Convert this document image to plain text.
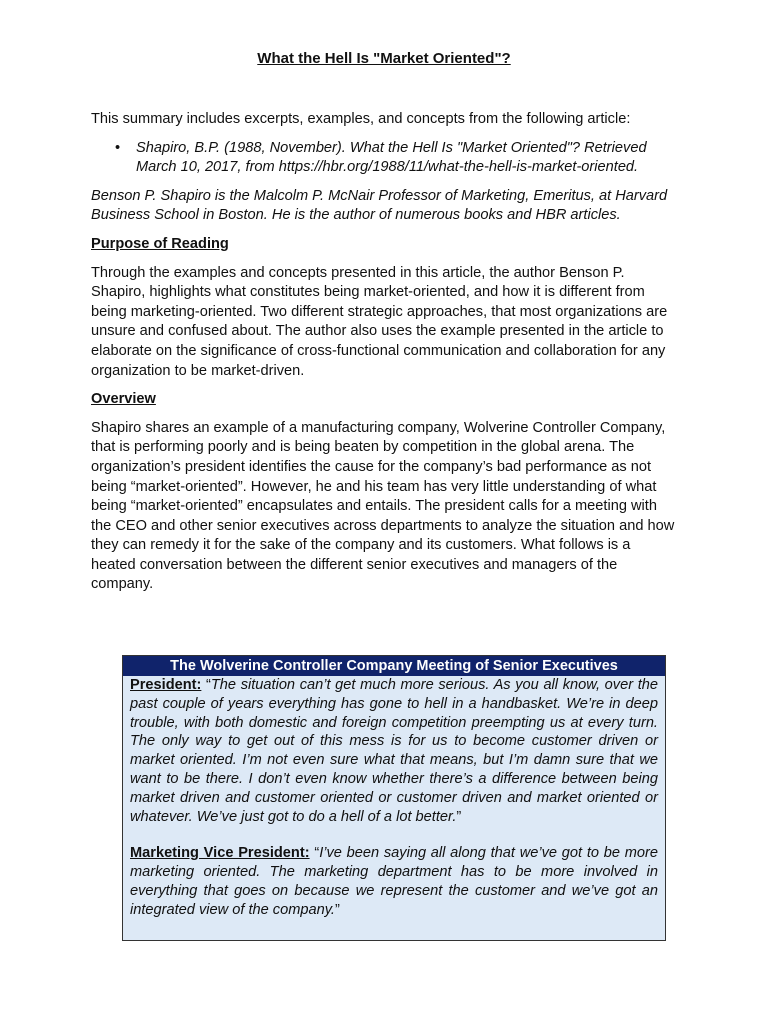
What the Hell Is "Market Oriented"?

This summary includes excerpts, examples, and concepts from the following article:

• Shapiro, B.P. (1988, November). What the Hell Is "Market Oriented"? Retrieved March 10, 2017, from https://hbr.org/1988/11/what-the-hell-is-market-oriented.

Benson P. Shapiro is the Malcolm P. McNair Professor of Marketing, Emeritus, at Harvard Business School in Boston. He is the author of numerous books and HBR articles.

Purpose of Reading

Through the examples and concepts presented in this article, the author Benson P. Shapiro, highlights what constitutes being market-oriented, and how it is different from being marketing-oriented. Two different strategic approaches, that most organizations are unsure and confused about. The author also uses the example presented in the article to elaborate on the significance of cross-functional communication and collaboration for any organization to be market-driven.

Overview

Shapiro shares an example of a manufacturing company, Wolverine Controller Company, that is performing poorly and is being beaten by competition in the global arena. The organization’s president identifies the cause for the company’s bad performance as not being “market-oriented”. However, he and his team has very little understanding of what being “market-oriented” encapsulates and entails. The president calls for a meeting with the CEO and other senior executives across departments to analyze the situation and how they can remedy it for the sake of the company and its customers. What follows is a heated conversation between the different senior executives and managers of the company.

The Wolverine Controller Company Meeting of Senior Executives

President: “The situation can’t get much more serious. As you all know, over the past couple of years everything has gone to hell in a handbasket. We’re in deep trouble, with both domestic and foreign competition preempting us at every turn. The only way to get out of this mess is for us to become customer driven or market oriented. I’m not even sure what that means, but I’m damn sure that we want to be there. I don’t even know whether there’s a difference between being market driven and customer oriented or customer driven and market oriented or whatever. We’ve just got to do a hell of a lot better.”

Marketing Vice President: “I’ve been saying all along that we’ve got to be more marketing oriented. The marketing department has to be more involved in everything that goes on because we represent the customer and we’ve got an integrated view of the company.”
